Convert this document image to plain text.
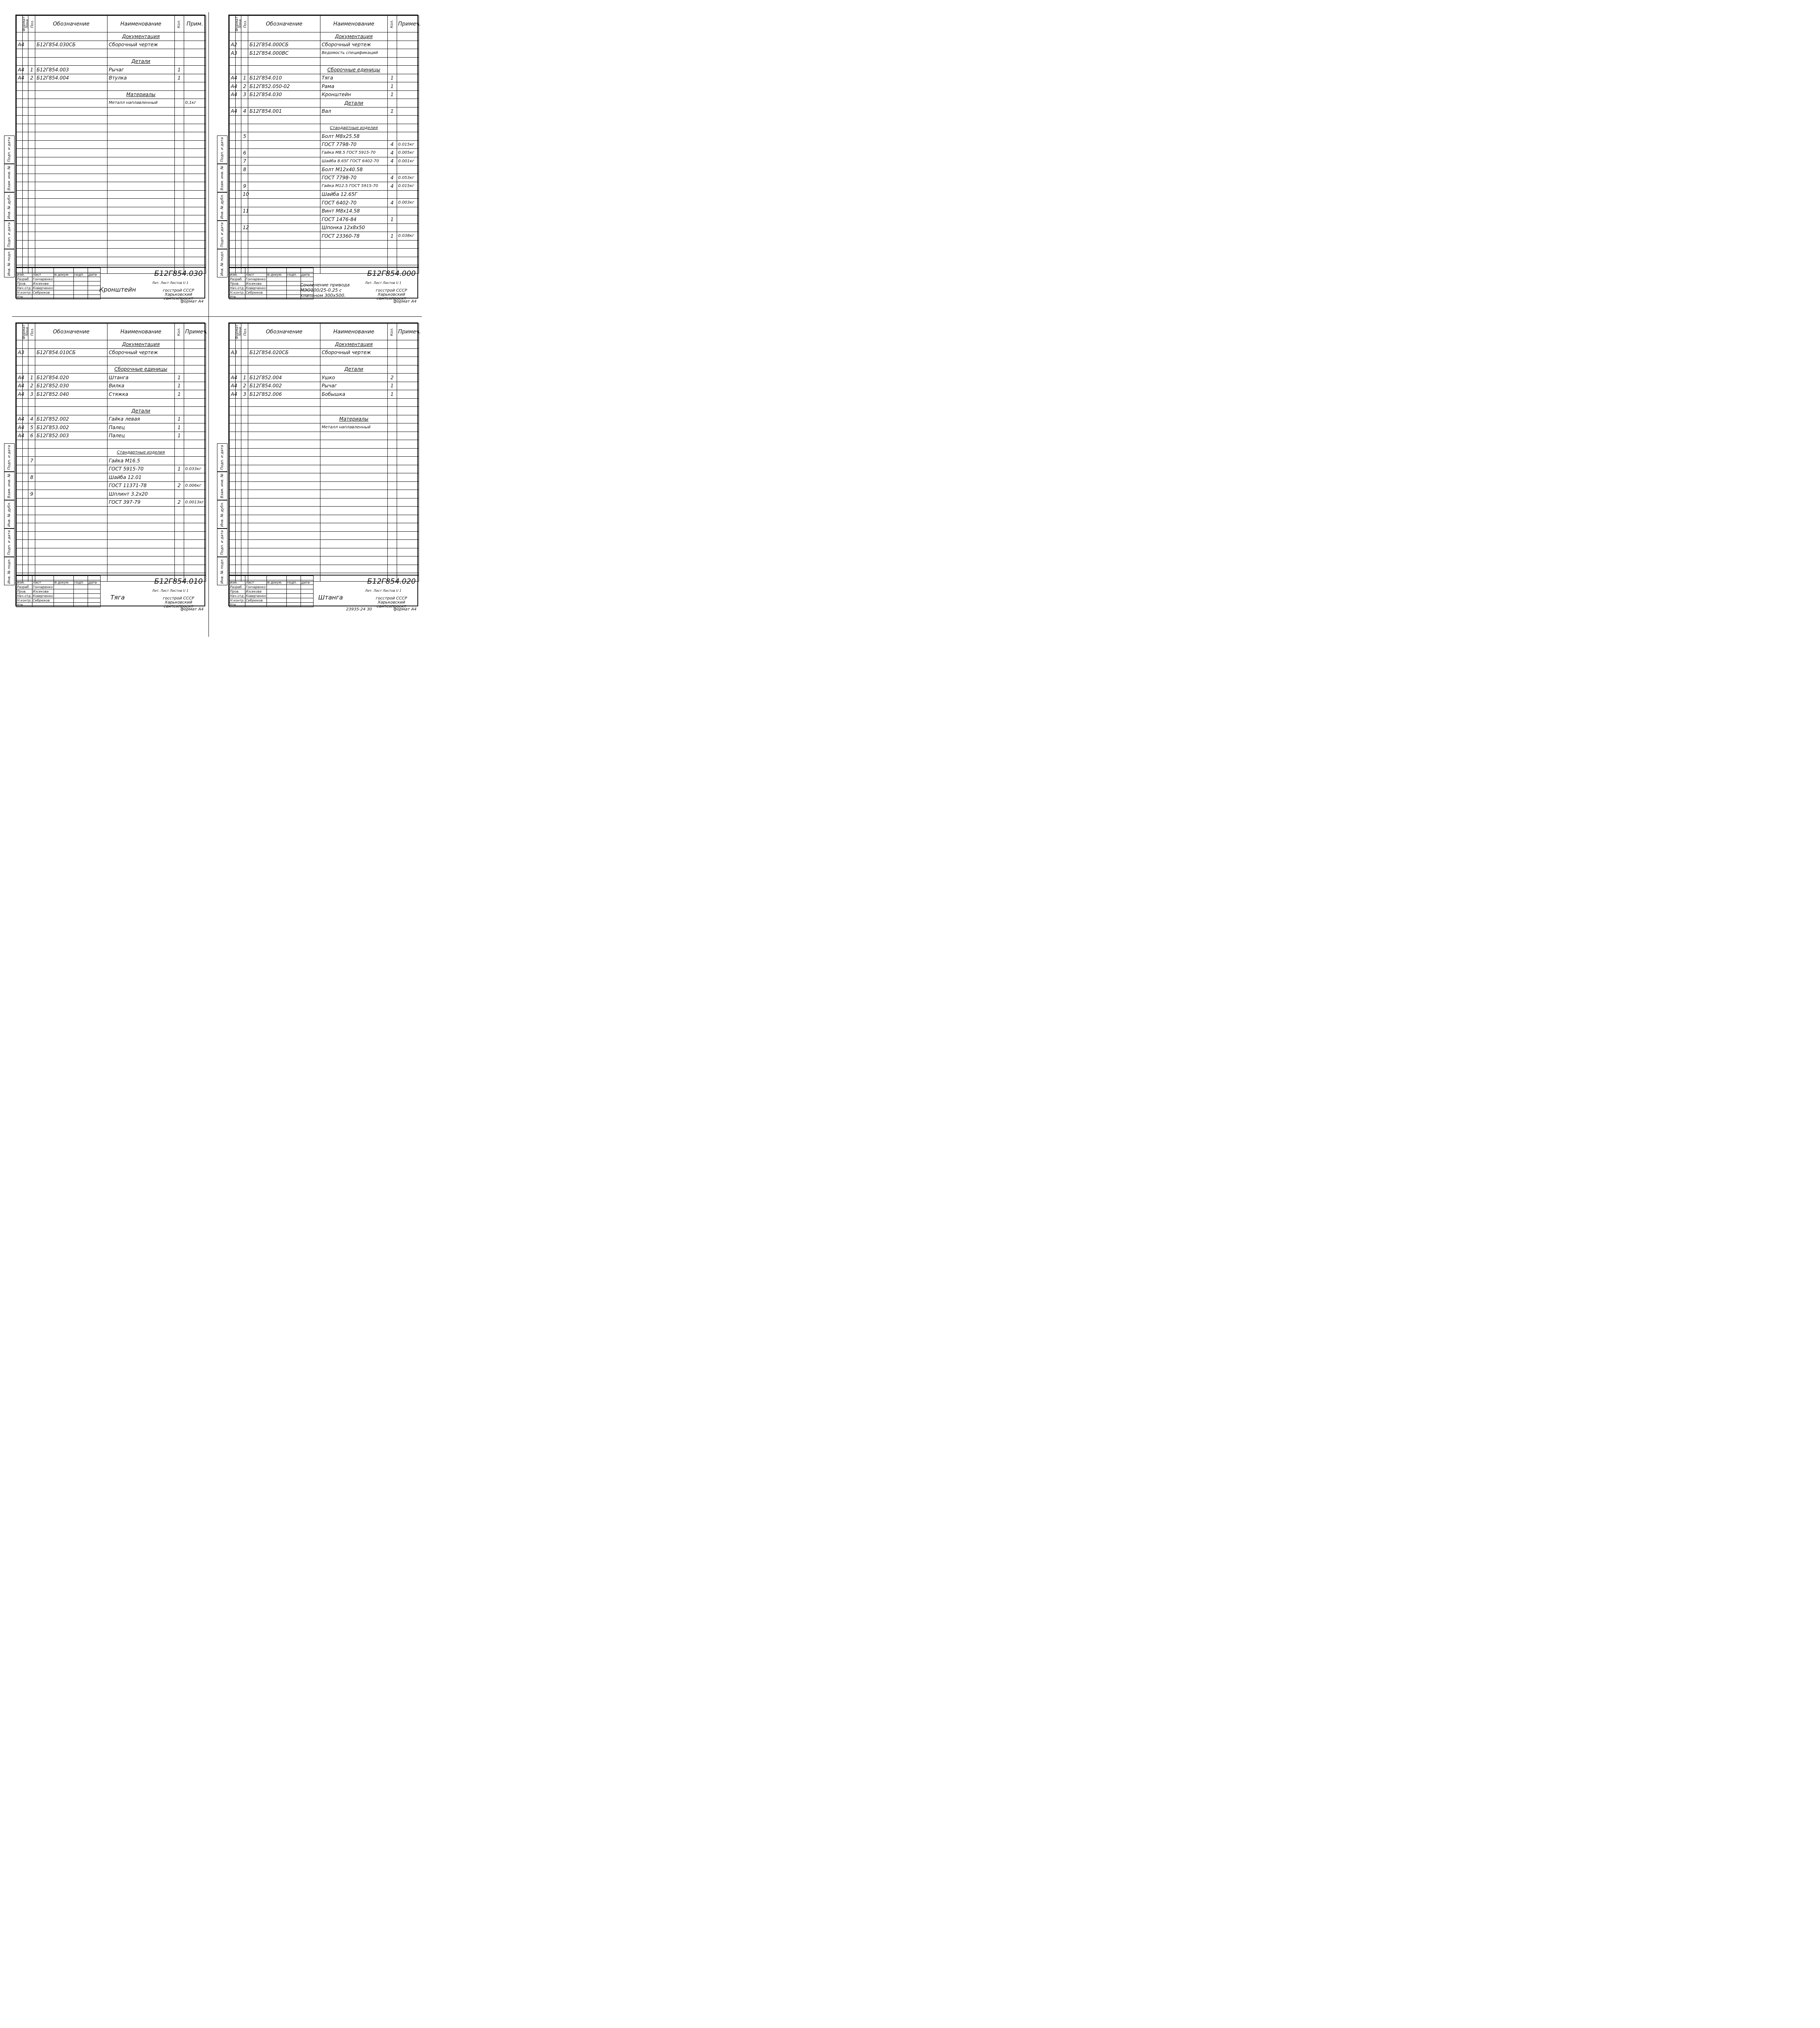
Подп. и дата
Взам. инв. №
Инв. № дубл.
Подп. и дата
Инв. № подл.
Формат	Зона	Поз.	Обозначение	Наименование	Кол.	Прим.
				Документация		
А4			Б12Г854.030СБ	Сборочный чертеж		

				Детали		
А4		1	Б12Г854.003	Рычаг	1	
А4		2	Б12Г854.004	Втулка	1	

				Материалы		
				Металл наплавленный		0,1кг

Изм.	Лист	N докум.	Подп.	Дата
Разраб.	Гончаренко			
Пров.	Изсекова			
Нач.отд.	Коверченко			
Н.контр.	Себрюков			
Утв.				
Б12Г854.030
Кронштейн
Лит. Лист Листов U 1
госстрой СССР
Харьковский
сантехпроект
формат А4
Подп. и дата
Взам. инв. №
Инв. № дубл.
Подп. и дата
Инв. № подл.
Формат	Зона	Поз.	Обозначение	Наименование	Кол.	Примеч.
				Документация		
А2			Б12Г854.000СБ	Сборочный чертеж		
А3			Б12Г854.000ВС	Ведомость спецификаций		

				Сборочные единицы		
А4		1	Б12Г854.010	Тяга	1	
А4		2	Б12Г852.050-02	Рама	1	
А4		3	Б12Г854.030	Кронштейн	1	
				Детали		
А4		4	Б12Г854.001	Вал	1	

				Стандартные изделия		
		5		Болт М8х25.58		
				ГОСТ 7798-70	4	0.015кг
		6		Гайка М8.5 ГОСТ 5915-70	4	0.005кг
		7		Шайба 8.65Г ГОСТ 6402-70	4	0.001кг
		8		Болт М12х40.58		
				ГОСТ 7798-70	4	0.053кг
		9		Гайка М12.5 ГОСТ 5915-70	4	0.015кг
		10		Шайба 12.65Г		
				ГОСТ 6402-70	4	0.003кг
		11		Винт М8х14.58		
				ГОСТ 1476-84	1	
		12		Шпонка 12х8х50		
				ГОСТ 23360-78	1	0.038кг

Изм.	Лист	N докум.	Подп.	Дата
Разраб.	Гончаренко			
Пров.	Изсекова			
Нач.отд.	Коверченко			
Н.контр.	Себрюков			
Утв.				
Б12Г854.000
Сочленение привода МЭО100/25-0.25 с клапаном 300х500.
Лит. Лист Листов U 1
госстрой СССР
Харьковский
сантехпроект
формат А4
Подп. и дата
Взам. инв. №
Инв. № дубл.
Подп. и дата
Инв. № подл.
Формат	Зона	Поз.	Обозначение	Наименование	Кол.	Примеч.
				Документация		
А3			Б12Г854.010СБ	Сборочный чертеж		

				Сборочные единицы		
А4		1	Б12Г854.020	Штанга	1	
А4		2	Б12Г852.030	Вилка	1	
А4		3	Б12Г852.040	Стяжка	1	

				Детали		
А4		4	Б12Г852.002	Гайка левая	1	
А4		5	Б12Г853.002	Палец	1	
А4		6	Б12Г852.003	Палец	1	

				Стандартные изделия		
		7		Гайка М16.5		
				ГОСТ 5915-70	1	0.033кг
		8		Шайба 12.01		
				ГОСТ 11371-78	2	0.006кг
		9		Шплинт 3.2х20		
				ГОСТ 397-79	2	0.0013кг

Изм.	Лист	N докум.	Подп.	Дата
Разраб.	Гончаренко			
Пров.	Изсекова			
Нач.отд.	Коверченко			
Н.контр.	Себрюков			
Утв.				
Б12Г854.010
Тяга
Лит. Лист Листов U 1
госстрой СССР
Харьковский
сантехпроект
формат А4
Подп. и дата
Взам. инв. №
Инв. № дубл.
Подп. и дата
Инв. № подл.
Формат	Зона	Поз.	Обозначение	Наименование	Кол.	Примеч.
				Документация		
А3			Б12Г854.020СБ	Сборочный чертеж		

				Детали		
А4		1	Б12Г852.004	Ушко	2	
А4		2	Б12Г854.002	Рычаг	1	
А4		3	Б12Г852.006	Бобышка	1	

				Материалы		
				Металл наплавленный		

Изм.	Лист	N докум.	Подп.	Дата
Разраб.	Гончаренко			
Пров.	Изсекова			
Нач.отд.	Коверченко			
Н.контр.	Себрюков			
Утв.				
Б12Г854.020
Штанга
Лит. Лист Листов U 1
госстрой СССР
Харьковский
сантехпроект
формат А4
23935-24 30
